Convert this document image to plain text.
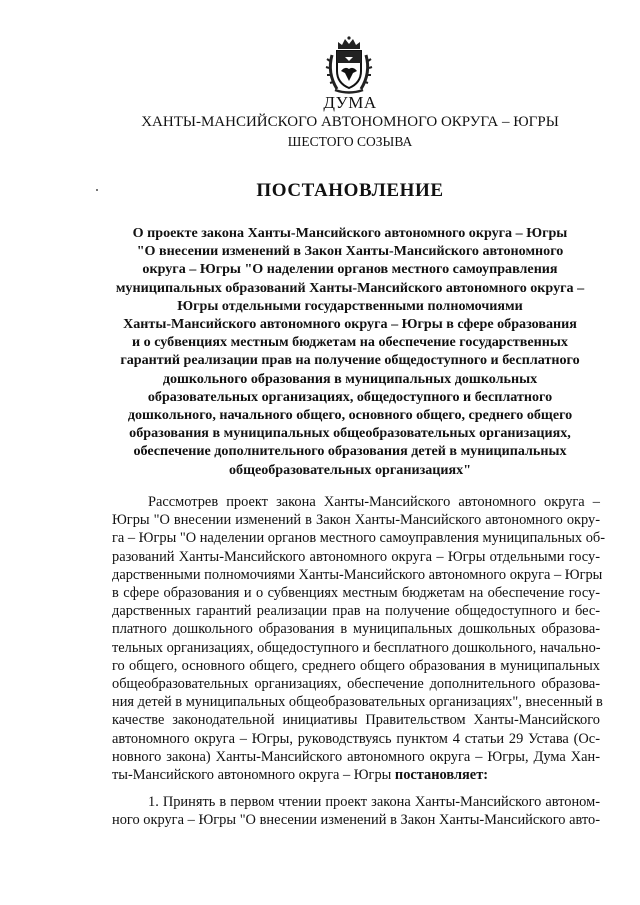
ДУМА
ХАНТЫ-МАНСИЙСКОГО АВТОНОМНОГО ОКРУГА – ЮГРЫ
ШЕСТОГО СОЗЫВА
ПОСТАНОВЛЕНИЕ
О проекте закона Ханты-Мансийского автономного округа – Югры
"О внесении изменений в Закон Ханты-Мансийского автономного
округа – Югры "О наделении органов местного самоуправления
муниципальных образований Ханты-Мансийского автономного округа –
Югры отдельными государственными полномочиями
Ханты-Мансийского автономного округа – Югры в сфере образования
и о субвенциях местным бюджетам на обеспечение государственных
гарантий реализации прав на получение общедоступного и бесплатного
дошкольного образования в муниципальных дошкольных
образовательных организациях, общедоступного и бесплатного
дошкольного, начального общего, основного общего, среднего общего
образования в муниципальных общеобразовательных организациях,
обеспечение дополнительного образования детей в муниципальных
общеобразовательных организациях"
Рассмотрев проект закона Ханты-Мансийского автономного округа –
Югры "О внесении изменений в Закон Ханты-Мансийского автономного окру-
га – Югры "О наделении органов местного самоуправления муниципальных об-
разований Ханты-Мансийского автономного округа – Югры отдельными госу-
дарственными полномочиями Ханты-Мансийского автономного округа – Югры
в сфере образования и о субвенциях местным бюджетам на обеспечение госу-
дарственных гарантий реализации прав на получение общедоступного и бес-
платного дошкольного образования в муниципальных дошкольных образова-
тельных организациях, общедоступного и бесплатного дошкольного, начально-
го общего, основного общего, среднего общего образования в муниципальных
общеобразовательных организациях, обеспечение дополнительного образова-
ния детей в муниципальных общеобразовательных организациях", внесенный в
качестве законодательной инициативы Правительством Ханты-Мансийского
автономного округа – Югры, руководствуясь пунктом 4 статьи 29 Устава (Ос-
новного закона) Ханты-Мансийского автономного округа – Югры, Дума Хан-
ты-Мансийского автономного округа – Югры постановляет:
1. Принять в первом чтении проект закона Ханты-Мансийского автоном-
ного округа – Югры "О внесении изменений в Закон Ханты-Мансийского авто-
